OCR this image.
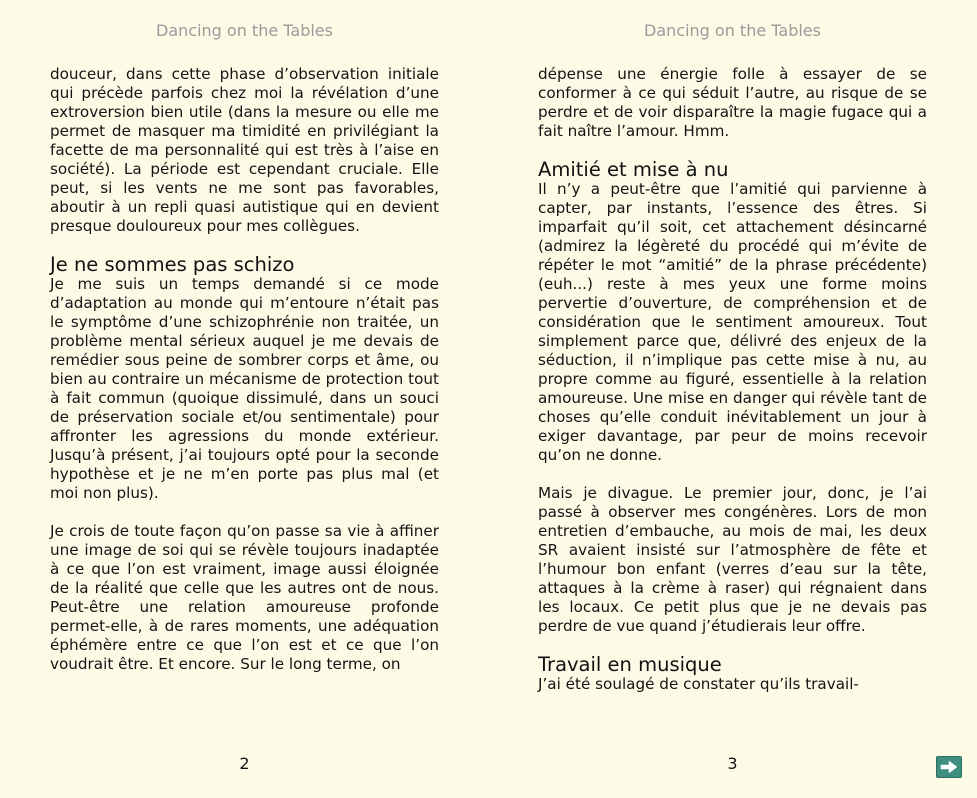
Dancing on the Tables

douceur, dans cette phase d’observation initiale qui précède parfois chez moi la révélation d’une extroversion bien utile (dans la mesure ou elle me permet de masquer ma timidité en privilégiant la facette de ma personnalité qui est très à l’aise en société). La période est cependant cruciale. Elle peut, si les vents ne me sont pas favorables, aboutir à un repli quasi autistique qui en devient presque douloureux pour mes collègues.

Je ne sommes pas schizo

Je me suis un temps demandé si ce mode d’adaptation au monde qui m’entoure n’était pas le symptôme d’une schizophrénie non traitée, un problème mental sérieux auquel je me devais de remédier sous peine de sombrer corps et âme, ou bien au contraire un mécanisme de protection tout à fait commun (quoique dissimulé, dans un souci de préservation sociale et/ou sentimentale) pour affronter les agressions du monde extérieur. Jusqu’à présent, j’ai toujours opté pour la seconde hypothèse et je ne m’en porte pas plus mal (et moi non plus).

Je crois de toute façon qu’on passe sa vie à affiner une image de soi qui se révèle toujours inadaptée à ce que l’on est vraiment, image aussi éloignée de la réalité que celle que les autres ont de nous. Peut-être une relation amoureuse profonde permet-elle, à de rares moments, une adéquation éphémère entre ce que l’on est et ce que l’on voudrait être. Et encore. Sur le long terme, on

2
Dancing on the Tables

dépense une énergie folle à essayer de se conformer à ce qui séduit l’autre, au risque de se perdre et de voir disparaître la magie fugace qui a fait naître l’amour. Hmm.

Amitié et mise à nu

Il n’y a peut-être que l’amitié qui parvienne à capter, par instants, l’essence des êtres. Si imparfait qu’il soit, cet attachement désincarné (admirez la légèreté du procédé qui m’évite de répéter le mot “amitié” de la phrase précédente) (euh...) reste à mes yeux une forme moins pervertie d’ouverture, de compréhension et de considération que le sentiment amoureux. Tout simplement parce que, délivré des enjeux de la séduction, il n’implique pas cette mise à nu, au propre comme au figuré, essentielle à la relation amoureuse. Une mise en danger qui révèle tant de choses qu’elle conduit inévitablement un jour à exiger davantage, par peur de moins recevoir qu’on ne donne.

Mais je divague. Le premier jour, donc, je l’ai passé à observer mes congénères. Lors de mon entretien d’embauche, au mois de mai, les deux SR avaient insisté sur l’atmosphère de fête et l’humour bon enfant (verres d’eau sur la tête, attaques à la crème à raser) qui régnaient dans les locaux. Ce petit plus que je ne devais pas perdre de vue quand j’étudierais leur offre.

Travail en musique

J’ai été soulagé de constater qu’ils travail-

3
